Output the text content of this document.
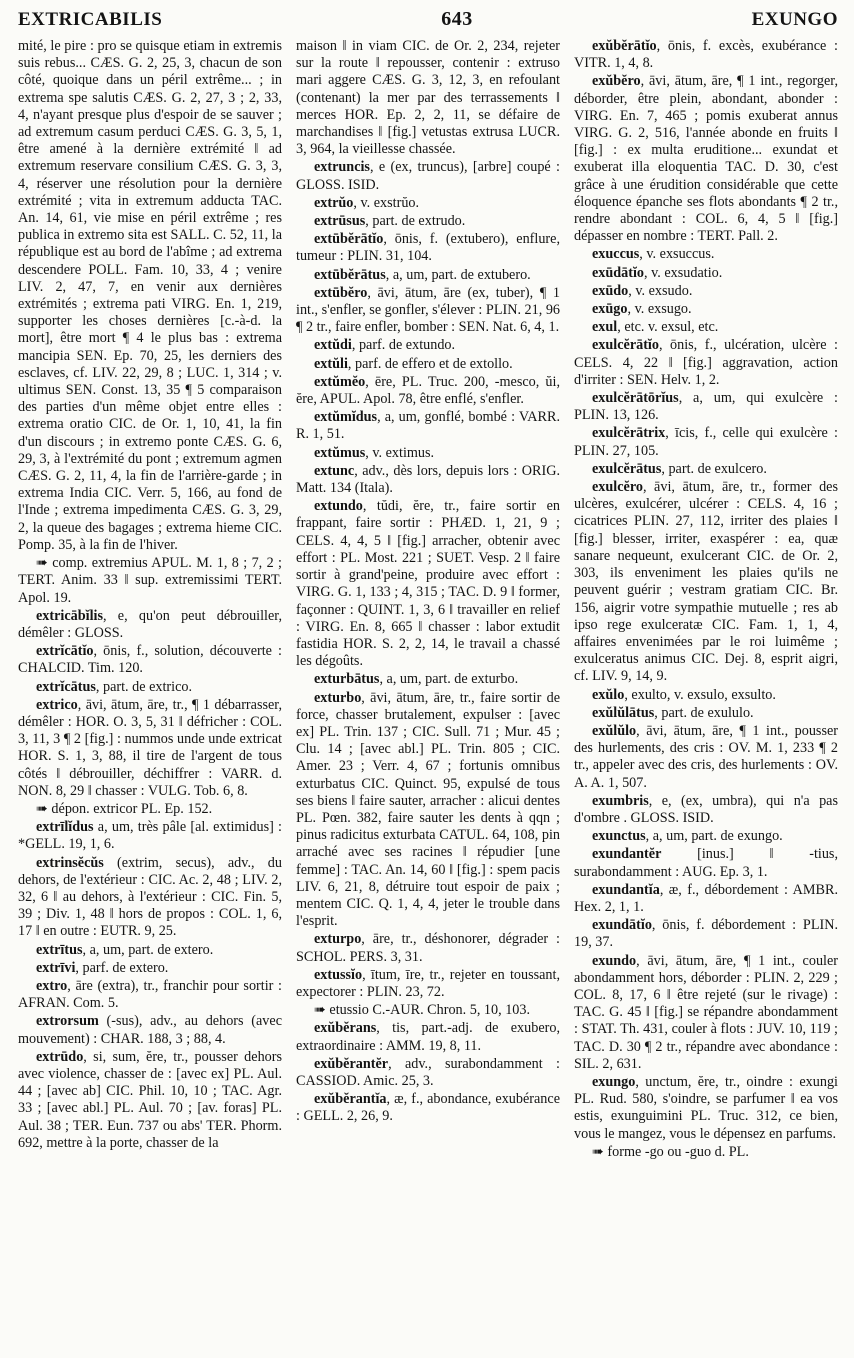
EXTRICABILIS	643	EXUNGO

mité, le pire : pro se quisque etiam in extremis suis rebus... CÆS. G. 2, 25, 3, chacun de son côté, quoique dans un péril extrême... ; in extrema spe salutis CÆS. G. 2, 27, 3 ; 2, 33, 4, n'ayant presque plus d'espoir de se sauver ; ad extremum casum perduci CÆS. G. 3, 5, 1, être amené à la dernière extrémité ‖ ad extremum reservare consilium CÆS. G. 3, 3, 4, réserver une résolution pour la dernière extrémité ; vita in extremum adducta TAC. An. 14, 61, vie mise en péril extrême ; res publica in extremo sita est SALL. C. 52, 11, la république est au bord de l'abîme ; ad extrema descendere POLL. Fam. 10, 33, 4 ; venire LIV. 2, 47, 7, en venir aux dernières extrémités ; extrema pati VIRG. En. 1, 219, supporter les choses dernières [c.-à-d. la mort], être mort ¶ 4 le plus bas : extrema mancipia SEN. Ep. 70, 25, les derniers des esclaves, cf. LIV. 22, 29, 8 ; LUC. 1, 314 ; v. ultimus SEN. Const. 13, 35 ¶ 5 comparaison des parties d'un même objet entre elles : extrema oratio CIC. de Or. 1, 10, 41, la fin d'un discours ; in extremo ponte CÆS. G. 6, 29, 3, à l'extrémité du pont ; extremum agmen CÆS. G. 2, 11, 4, la fin de l'arrière-garde ; in extrema India CIC. Verr. 5, 166, au fond de l'Inde ; extrema impedimenta CÆS. G. 3, 29, 2, la queue des bagages ; extrema hieme CIC. Pomp. 35, à la fin de l'hiver.

➠ comp. extremius APUL. M. 1, 8 ; 7, 2 ; TERT. Anim. 33 ‖ sup. extremissimi TERT. Apol. 19.

extricābĭlis, e, qu'on peut débrouiller, démêler : GLOSS.

extrĭcātĭo, ōnis, f., solution, découverte : CHALCID. Tim. 120.

extrĭcātus, part. de extrico.

extrico, āvi, ātum, āre, tr., ¶ 1 débarrasser, démêler : HOR. O. 3, 5, 31 ‖ défricher : COL. 3, 11, 3 ¶ 2 [fig.] : nummos unde unde extricat HOR. S. 1, 3, 88, il tire de l'argent de tous côtés ‖ débrouiller, déchiffrer : VARR. d. NON. 8, 29 ‖ chasser : VULG. Tob. 6, 8.

➠ dépon. extricor PL. Ep. 152.

extrīlĭdus a, um, très pâle [al. extimidus] : *GELL. 19, 1, 6.

extrinsĕcŭs (extrim, secus), adv., du dehors, de l'extérieur : CIC. Ac. 2, 48 ; LIV. 2, 32, 6 ‖ au dehors, à l'extérieur : CIC. Fin. 5, 39 ; Div. 1, 48 ‖ hors de propos : COL. 1, 6, 17 ‖ en outre : EUTR. 9, 25.

extrītus, a, um, part. de extero.

extrīvi, parf. de extero.

extro, āre (extra), tr., franchir pour sortir : AFRAN. Com. 5.

extrorsum (-sus), adv., au dehors (avec mouvement) : CHAR. 188, 3 ; 88, 4.

extrūdo, si, sum, ĕre, tr., pousser dehors avec violence, chasser de : [avec ex] PL. Aul. 44 ; [avec ab] CIC. Phil. 10, 10 ; TAC. Agr. 33 ; [avec abl.] PL. Aul. 70 ; [av. foras] PL. Aul. 38 ; TER. Eun. 737 ou abs' TER. Phorm. 692, mettre à la porte, chasser de la

maison ‖ in viam CIC. de Or. 2, 234, rejeter sur la route ‖ repousser, contenir : extruso mari aggere CÆS. G. 3, 12, 3, en refoulant (contenant) la mer par des terrassements ‖ merces HOR. Ep. 2, 2, 11, se défaire de marchandises ‖ [fig.] vetustas extrusa LUCR. 3, 964, la vieillesse chassée.

extruncis, e (ex, truncus), [arbre] coupé : GLOSS. ISID.

extrŭo, v. exstrŭo.

extrūsus, part. de extrudo.

extūbĕrātĭo, ōnis, f. (extubero), enflure, tumeur : PLIN. 31, 104.

extūbĕrātus, a, um, part. de extubero.

extūbĕro, āvi, ātum, āre (ex, tuber), ¶ 1 int., s'enfler, se gonfler, s'élever : PLIN. 21, 96 ¶ 2 tr., faire enfler, bomber : SEN. Nat. 6, 4, 1.

extŭdi, parf. de extundo.

extŭli, parf. de effero et de extollo.

extŭmĕo, ēre, PL. Truc. 200, -mesco, ŭi, ĕre, APUL. Apol. 78, être enflé, s'enfler.

extŭmĭdus, a, um, gonflé, bombé : VARR. R. 1, 51.

extŭmus, v. extimus.

extunc, adv., dès lors, depuis lors : ORIG. Matt. 134 (Itala).

extundo, tŭdi, ĕre, tr., faire sortir en frappant, faire sortir : PHÆD. 1, 21, 9 ; CELS. 4, 4, 5 ‖ [fig.] arracher, obtenir avec effort : PL. Most. 221 ; SUET. Vesp. 2 ‖ faire sortir à grand'peine, produire avec effort : VIRG. G. 1, 133 ; 4, 315 ; TAC. D. 9 ‖ former, façonner : QUINT. 1, 3, 6 ‖ travailler en relief : VIRG. En. 8, 665 ‖ chasser : labor extudit fastidia HOR. S. 2, 2, 14, le travail a chassé les dégoûts.

exturbātus, a, um, part. de exturbo.

exturbo, āvi, ātum, āre, tr., faire sortir de force, chasser brutalement, expulser : [avec ex] PL. Trin. 137 ; CIC. Sull. 71 ; Mur. 45 ; Clu. 14 ; [avec abl.] PL. Trin. 805 ; CIC. Amer. 23 ; Verr. 4, 67 ; fortunis omnibus exturbatus CIC. Quinct. 95, expulsé de tous ses biens ‖ faire sauter, arracher : alicui dentes PL. Pœn. 382, faire sauter les dents à qqn ; pinus radicitus exturbata CATUL. 64, 108, pin arraché avec ses racines ‖ répudier [une femme] : TAC. An. 14, 60 ‖ [fig.] : spem pacis LIV. 6, 21, 8, détruire tout espoir de paix ; mentem CIC. Q. 1, 4, 4, jeter le trouble dans l'esprit.

exturpo, āre, tr., déshonorer, dégrader : SCHOL. PERS. 3, 31.

extussĭo, ītum, īre, tr., rejeter en toussant, expectorer : PLIN. 23, 72.

➠ etussio C.-AUR. Chron. 5, 10, 103.

exŭbĕrans, tis, part.-adj. de exubero, extraordinaire : AMM. 19, 8, 11.

exŭbĕrantĕr, adv., surabondamment : CASSIOD. Amic. 25, 3.

exŭbĕrantĭa, æ, f., abondance, exubérance : GELL. 2, 26, 9.

exŭbĕrātĭo, ōnis, f. excès, exubérance : VITR. 1, 4, 8.

exŭbĕro, āvi, ātum, āre, ¶ 1 int., regorger, déborder, être plein, abondant, abonder : VIRG. En. 7, 465 ; pomis exuberat annus VIRG. G. 2, 516, l'année abonde en fruits ‖ [fig.] : ex multa eruditione... exundat et exuberat illa eloquentia TAC. D. 30, c'est grâce à une érudition considérable que cette éloquence épanche ses flots abondants ¶ 2 tr., rendre abondant : COL. 6, 4, 5 ‖ [fig.] dépasser en nombre : TERT. Pall. 2.

exuccus, v. exsuccus.

exūdātĭo, v. exsudatio.

exūdo, v. exsudo.

exūgo, v. exsugo.

exul, etc. v. exsul, etc.

exulcĕrātĭo, ōnis, f., ulcération, ulcère : CELS. 4, 22 ‖ [fig.] aggravation, action d'irriter : SEN. Helv. 1, 2.

exulcĕrātōrĭus, a, um, qui exulcère : PLIN. 13, 126.

exulcĕrātrix, īcis, f., celle qui exulcère : PLIN. 27, 105.

exulcĕrātus, part. de exulcero.

exulcĕro, āvi, ātum, āre, tr., former des ulcères, exulcérer, ulcérer : CELS. 4, 16 ; cicatrices PLIN. 27, 112, irriter des plaies ‖ [fig.] blesser, irriter, exaspérer : ea, quæ sanare nequeunt, exulcerant CIC. de Or. 2, 303, ils enveniment les plaies qu'ils ne peuvent guérir ; vestram gratiam CIC. Br. 156, aigrir votre sympathie mutuelle ; res ab ipso rege exulceratæ CIC. Fam. 1, 1, 4, affaires envenimées par le roi luimême ; exulceratus animus CIC. Dej. 8, esprit aigri, cf. LIV. 9, 14, 9.

exŭlo, exulto, v. exsulo, exsulto.

exŭlŭlātus, part. de exululo.

exŭlŭlo, āvi, ātum, āre, ¶ 1 int., pousser des hurlements, des cris : OV. M. 1, 233 ¶ 2 tr., appeler avec des cris, des hurlements : OV. A. A. 1, 507.

exumbris, e, (ex, umbra), qui n'a pas d'ombre . GLOSS. ISID.

exunctus, a, um, part. de exungo.

exundantĕr [inus.] ‖ -tius, surabondamment : AUG. Ep. 3, 1.

exundantĭa, æ, f., débordement : AMBR. Hex. 2, 1, 1.

exundātĭo, ōnis, f. débordement : PLIN. 19, 37.

exundo, āvi, ātum, āre, ¶ 1 int., couler abondamment hors, déborder : PLIN. 2, 229 ; COL. 8, 17, 6 ‖ être rejeté (sur le rivage) : TAC. G. 45 ‖ [fig.] se répandre abondamment : STAT. Th. 431, couler à flots : JUV. 10, 119 ; TAC. D. 30 ¶ 2 tr., répandre avec abondance : SIL. 2, 631.

exungo, unctum, ĕre, tr., oindre : exungi PL. Rud. 580, s'oindre, se parfumer ‖ ea vos estis, exunguimini PL. Truc. 312, ce bien, vous le mangez, vous le dépensez en parfums.

➠ forme -go ou -guo d. PL.
